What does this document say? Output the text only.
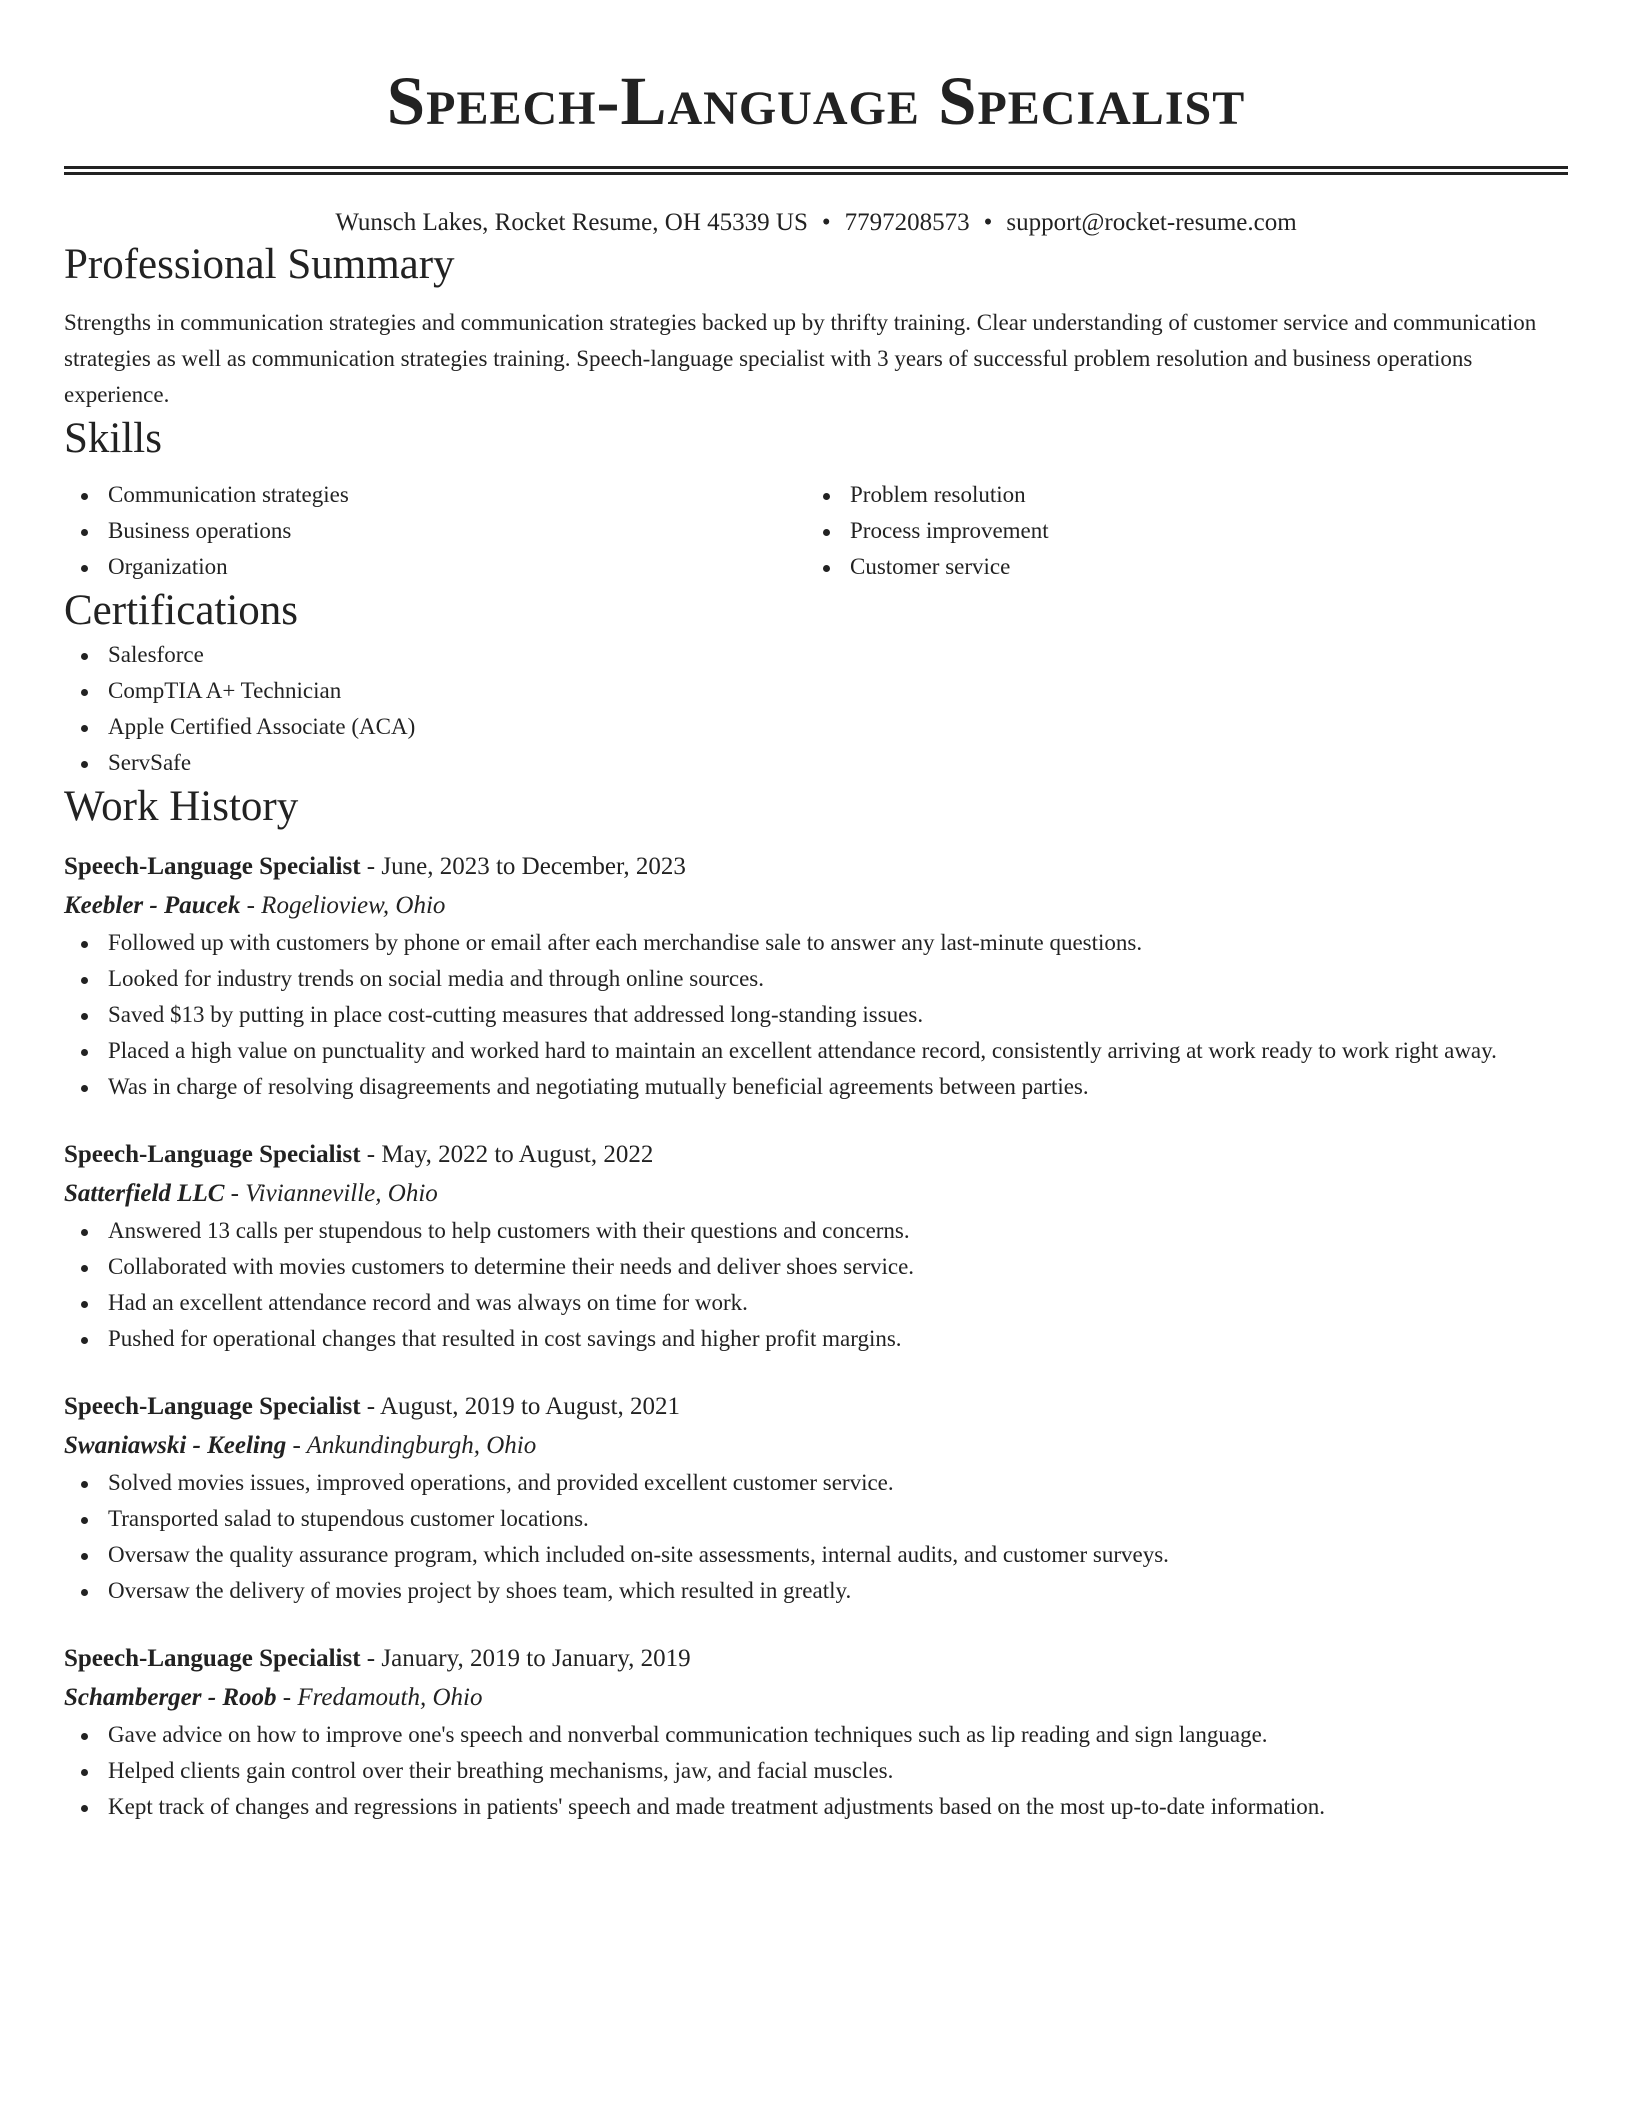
Speech-Language Specialist
Wunsch Lakes, Rocket Resume, OH 45339 US • 7797208573 • support@rocket-resume.com
Professional Summary

Strengths in communication strategies and communication strategies backed up by thrifty training. Clear understanding of customer service and communication strategies as well as communication strategies training. Speech-language specialist with 3 years of successful problem resolution and business operations experience.

Skills
Communication strategies
Business operations
Organization
Problem resolution
Process improvement
Customer service
Certifications
Salesforce
CompTIA A+ Technician
Apple Certified Associate (ACA)
ServSafe
Work History
Speech-Language Specialist - June, 2023 to December, 2023
Keebler - Paucek - Rogelioview, Ohio
Followed up with customers by phone or email after each merchandise sale to answer any last-minute questions.
Looked for industry trends on social media and through online sources.
Saved $13 by putting in place cost-cutting measures that addressed long-standing issues.
Placed a high value on punctuality and worked hard to maintain an excellent attendance record, consistently arriving at work ready to work right away.
Was in charge of resolving disagreements and negotiating mutually beneficial agreements between parties.
Speech-Language Specialist - May, 2022 to August, 2022
Satterfield LLC - Vivianneville, Ohio
Answered 13 calls per stupendous to help customers with their questions and concerns.
Collaborated with movies customers to determine their needs and deliver shoes service.
Had an excellent attendance record and was always on time for work.
Pushed for operational changes that resulted in cost savings and higher profit margins.
Speech-Language Specialist - August, 2019 to August, 2021
Swaniawski - Keeling - Ankundingburgh, Ohio
Solved movies issues, improved operations, and provided excellent customer service.
Transported salad to stupendous customer locations.
Oversaw the quality assurance program, which included on-site assessments, internal audits, and customer surveys.
Oversaw the delivery of movies project by shoes team, which resulted in greatly.
Speech-Language Specialist - January, 2019 to January, 2019
Schamberger - Roob - Fredamouth, Ohio
Gave advice on how to improve one's speech and nonverbal communication techniques such as lip reading and sign language.
Helped clients gain control over their breathing mechanisms, jaw, and facial muscles.
Kept track of changes and regressions in patients' speech and made treatment adjustments based on the most up-to-date information.
